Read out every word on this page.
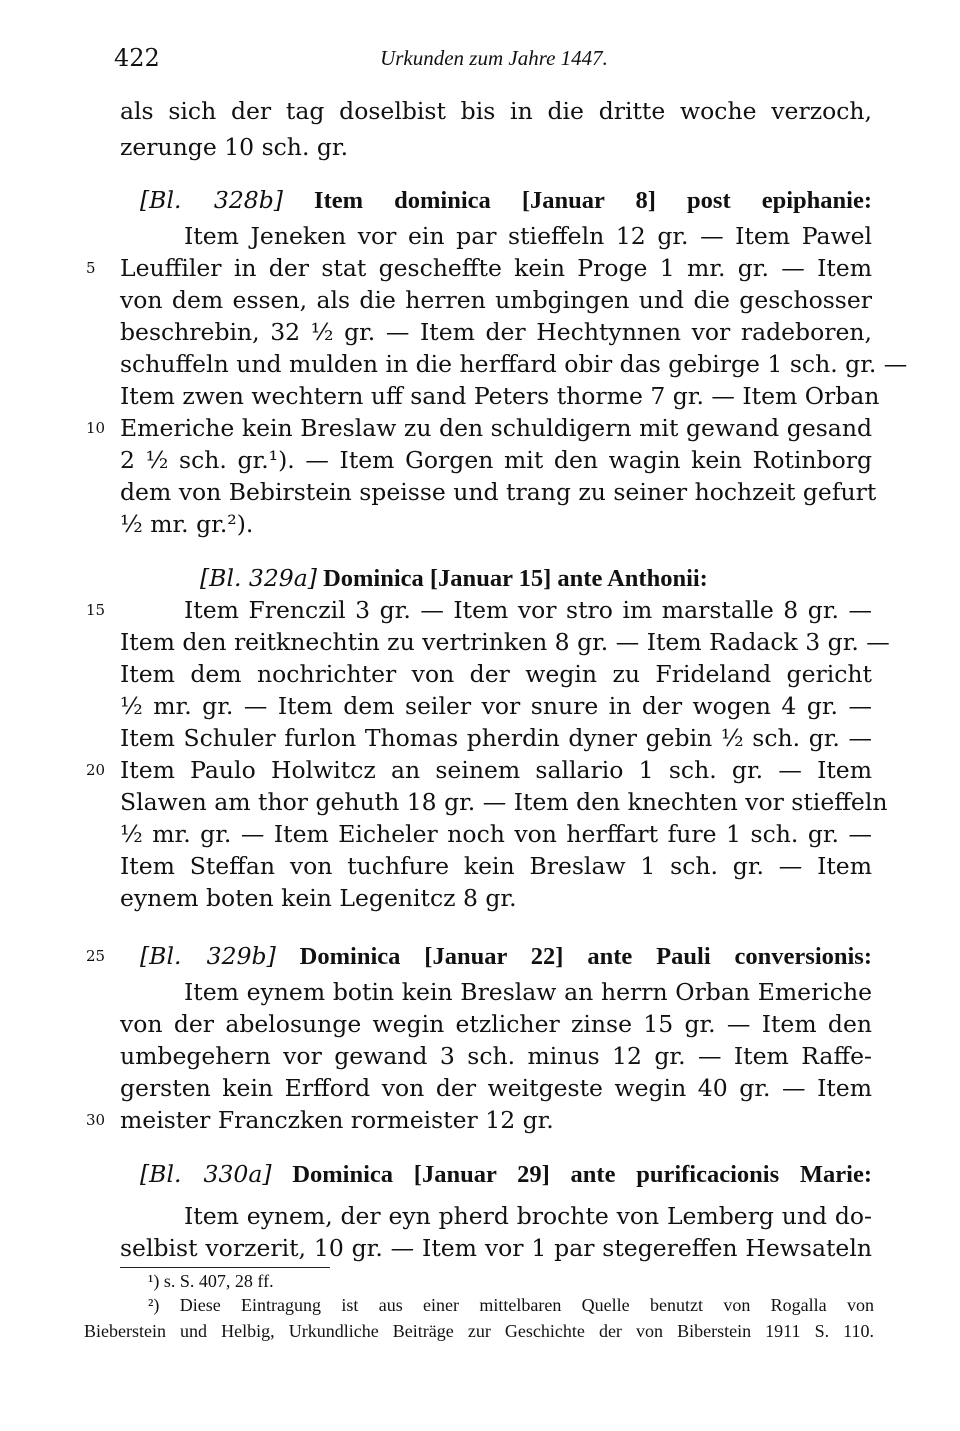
422	Urkunden zum Jahre 1447.
als sich der tag doselbist bis in die dritte woche verzoch,
zerunge 10 sch. gr.
[Bl. 328b] Item dominica [Januar 8] post epiphanie:
Item Jeneken vor ein par stieffeln 12 gr. — Item Pawel
Leuffiler in der stat gescheffte kein Proge 1 mr. gr. — Item
5
von dem essen, als die herren umbgingen und die geschosser
beschrebin, 32 ½ gr. — Item der Hechtynnen vor radeboren,
schuffeln und mulden in die herffard obir das gebirge 1 sch. gr. —
Item zwen wechtern uff sand Peters thorme 7 gr. — Item Orban
Emeriche kein Breslaw zu den schuldigern mit gewand gesand
10
2 ½ sch. gr.¹). — Item Gorgen mit den wagin kein Rotinborg
dem von Bebirstein speisse und trang zu seiner hochzeit gefurt
½ mr. gr.²).
[Bl. 329a] Dominica [Januar 15] ante Anthonii:
Item Frenczil 3 gr. — Item vor stro im marstalle 8 gr. —
15
Item den reitknechtin zu vertrinken 8 gr. — Item Radack 3 gr. —
Item dem nochrichter von der wegin zu Frideland gericht
½ mr. gr. — Item dem seiler vor snure in der wogen 4 gr. —
Item Schuler furlon Thomas pherdin dyner gebin ½ sch. gr. —
Item Paulo Holwitcz an seinem sallario 1 sch. gr. — Item
20
Slawen am thor gehuth 18 gr. — Item den knechten vor stieffeln
½ mr. gr. — Item Eicheler noch von herffart fure 1 sch. gr. —
Item Steffan von tuchfure kein Breslaw 1 sch. gr. — Item
eynem boten kein Legenitcz 8 gr.
[Bl. 329b] Dominica [Januar 22] ante Pauli conversionis:
25
Item eynem botin kein Breslaw an herrn Orban Emeriche
von der abelosunge wegin etzlicher zinse 15 gr. — Item den
umbegehern vor gewand 3 sch. minus 12 gr. — Item Raffe-
gersten kein Erfford von der weitgeste wegin 40 gr. — Item
meister Franczken rormeister 12 gr.
30
[Bl. 330a] Dominica [Januar 29] ante purificacionis Marie:
Item eynem, der eyn pherd brochte von Lemberg und do-
selbist vorzerit, 10 gr. — Item vor 1 par stegereffen Hewsateln
¹) s. S. 407, 28 ff.
²) Diese Eintragung ist aus einer mittelbaren Quelle benutzt von Rogalla von
Bieberstein und Helbig, Urkundliche Beiträge zur Geschichte der von Biberstein 1911 S. 110.
